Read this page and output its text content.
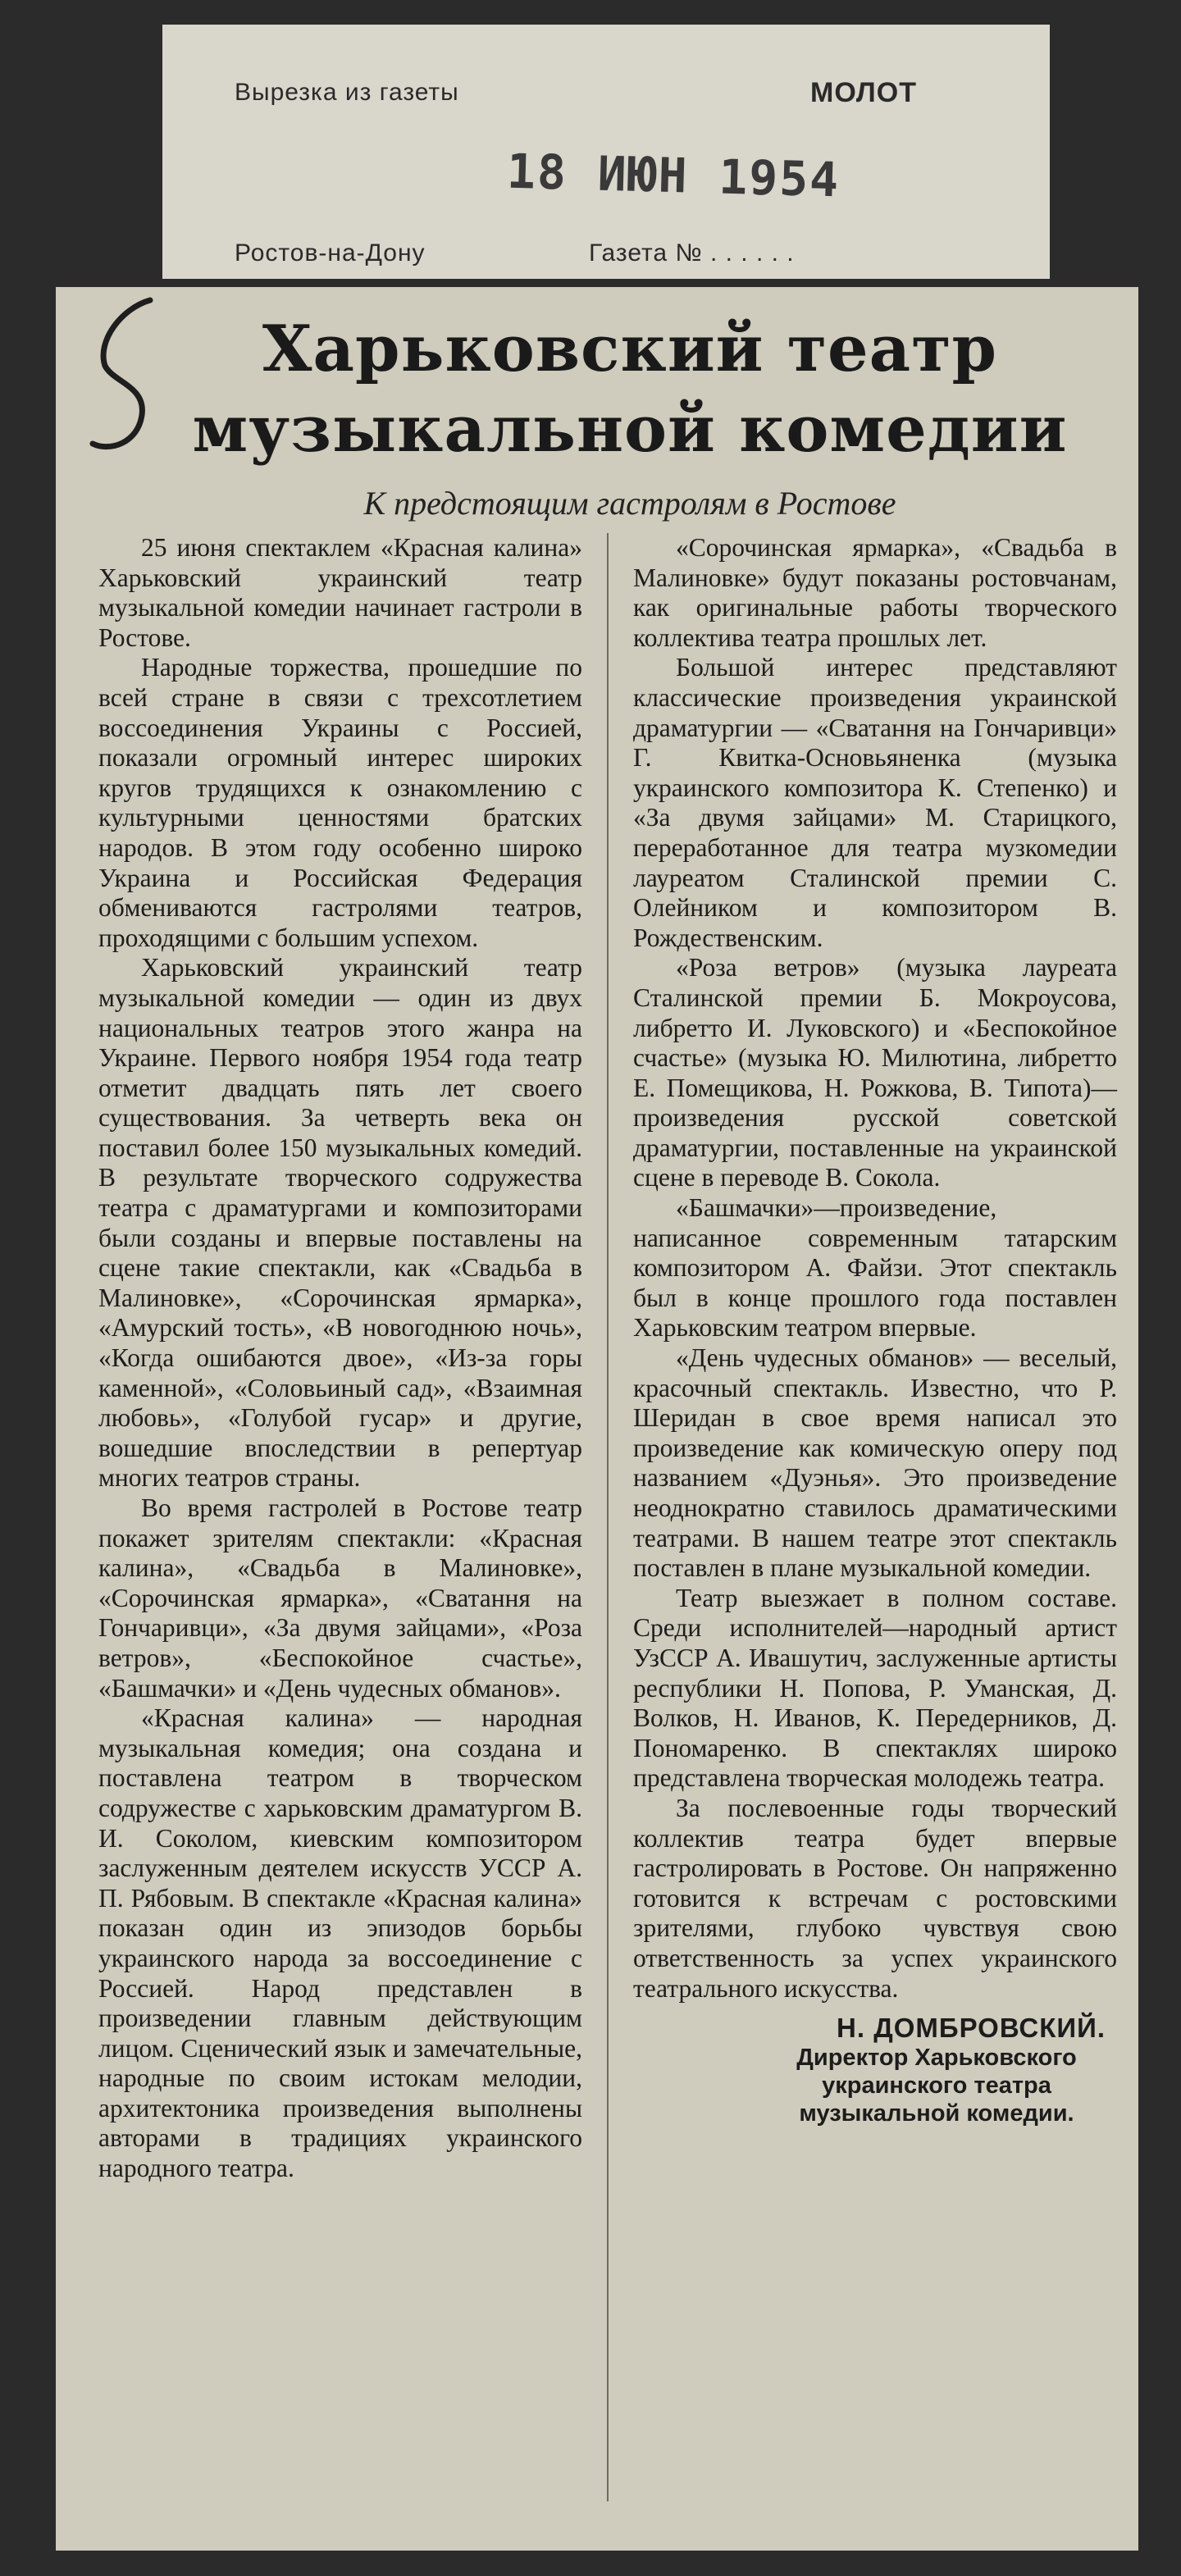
Вырезка из газеты	МОЛОТ
18 ИЮН 1954
Ростов-на-Дону	Газета № . . . . . .
Харьковский театр
музыкальной комедии
К предстоящим гастролям в Ростове

25 июня спектаклем «Красная калина» Харьковский украинский театр музыкальной комедии начинает гастроли в Ростове.

Народные торжества, прошедшие по всей стране в связи с трехсотлетием воссоединения Украины с Россией, показали огромный интерес широких кругов трудящихся к ознакомлению с культурными ценностями братских народов. В этом году особенно широко Украина и Российская Федерация обмениваются гастролями театров, проходящими с большим успехом.

Харьковский украинский театр музыкальной комедии — один из двух национальных театров этого жанра на Украине. Первого ноября 1954 года театр отметит двадцать пять лет своего существования. За четверть века он поставил более 150 музыкальных комедий. В результате творческого содружества театра с драматургами и композиторами были созданы и впервые поставлены на сцене такие спектакли, как «Свадьба в Малиновке», «Сорочинская ярмарка», «Амурский тость», «В новогоднюю ночь», «Когда ошибаются двое», «Из-за горы каменной», «Соловьиный сад», «Взаимная любовь», «Голубой гусар» и другие, вошедшие впоследствии в репертуар многих театров страны.

Во время гастролей в Ростове театр покажет зрителям спектакли: «Красная калина», «Свадьба в Малиновке», «Сорочинская ярмарка», «Сватання на Гончаривци», «За двумя зайцами», «Роза ветров», «Беспокойное счастье», «Башмачки» и «День чудесных обманов».

«Красная калина» — народная музыкальная комедия; она создана и поставлена театром в творческом содружестве с харьковским драматургом В. И. Соколом, киевским композитором заслуженным деятелем искусств УССР А. П. Рябовым. В спектакле «Красная калина» показан один из эпизодов борьбы украинского народа за воссоединение с Россией. Народ представлен в произведении главным действующим лицом. Сценический язык и замечательные, народные по своим истокам мелодии, архитектоника произведения выполнены авторами в традициях украинского народного театра.

«Сорочинская ярмарка», «Свадьба в Малиновке» будут показаны ростовчанам, как оригинальные работы творческого коллектива театра прошлых лет.

Большой интерес представляют классические произведения украинской драматургии — «Сватання на Гончаривци» Г. Квитка-Основьяненка (музыка украинского композитора К. Степенко) и «За двумя зайцами» М. Старицкого, переработанное для театра музкомедии лауреатом Сталинской премии С. Олейником и композитором В. Рождественским.

«Роза ветров» (музыка лауреата Сталинской премии Б. Мокроусова, либретто И. Луковского) и «Беспокойное счастье» (музыка Ю. Милютина, либретто Е. Помещикова, Н. Рожкова, В. Типота)—произведения русской советской драматургии, поставленные на украинской сцене в переводе В. Сокола.

«Башмачки»—произведение, написанное современным татарским композитором А. Файзи. Этот спектакль был в конце прошлого года поставлен Харьковским театром впервые.

«День чудесных обманов» — веселый, красочный спектакль. Известно, что Р. Шеридан в свое время написал это произведение как комическую оперу под названием «Дуэнья». Это произведение неоднократно ставилось драматическими театрами. В нашем театре этот спектакль поставлен в плане музыкальной комедии.

Театр выезжает в полном составе. Среди исполнителей—народный артист УзССР А. Ивашутич, заслуженные артисты республики Н. Попова, Р. Уманская, Д. Волков, Н. Иванов, К. Передерников, Д. Пономаренко. В спектаклях широко представлена творческая молодежь театра.

За послевоенные годы творческий коллектив театра будет впервые гастролировать в Ростове. Он напряженно готовится к встречам с ростовскими зрителями, глубоко чувствуя свою ответственность за успех украинского театрального искусства.

Н. ДОМБРОВСКИЙ.
Директор Харьковского украинского театра музыкальной комедии.
